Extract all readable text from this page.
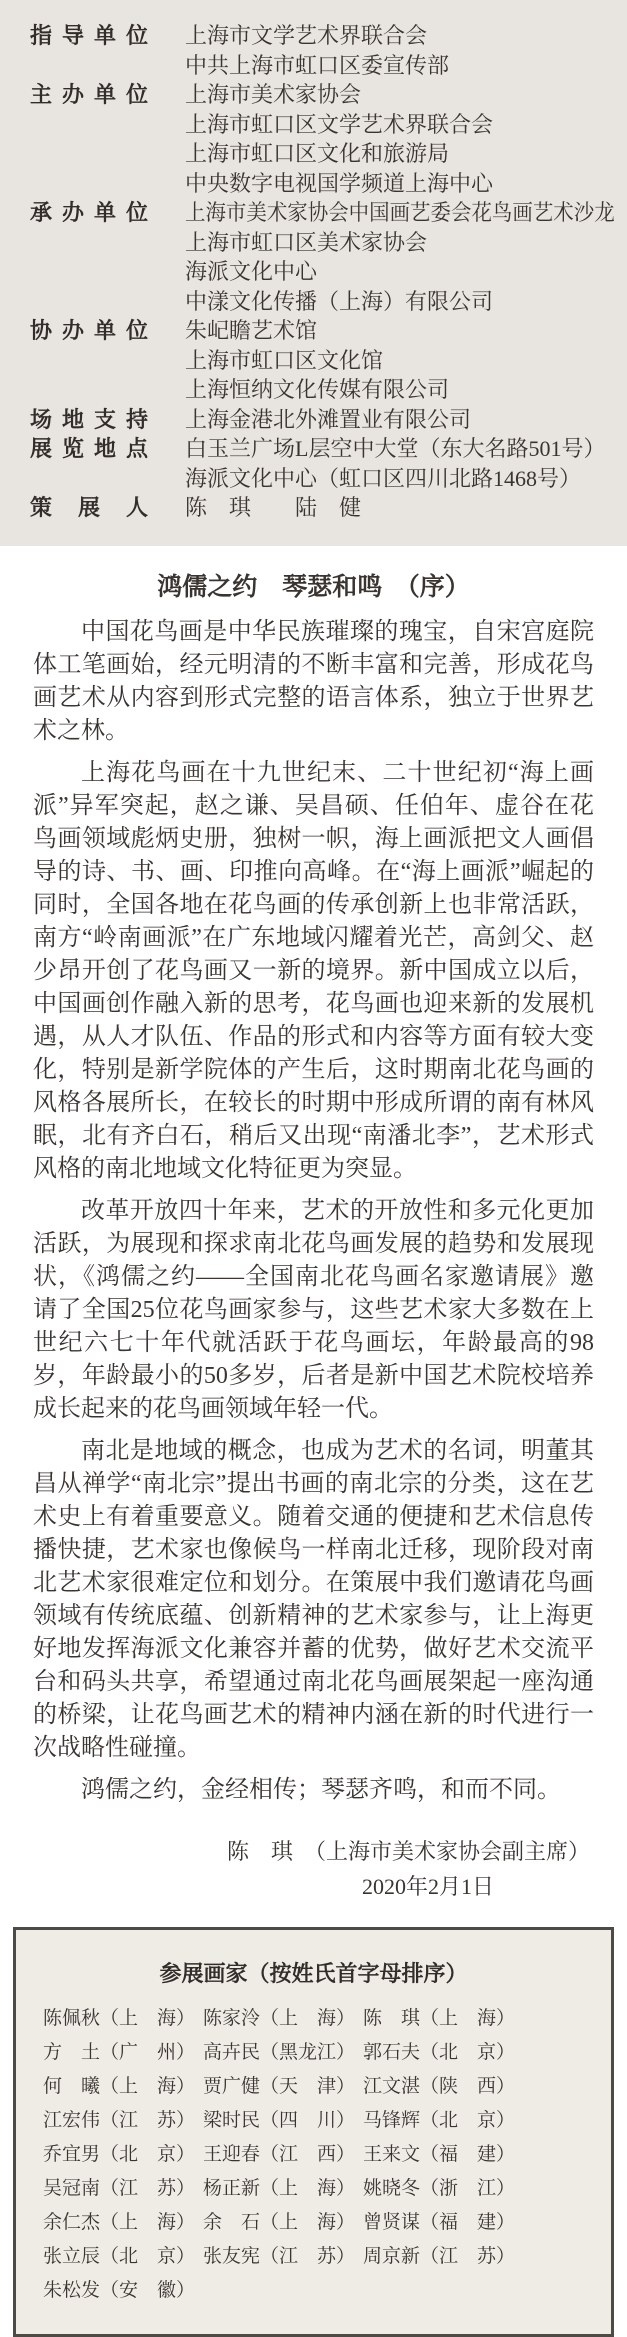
指导单位 上海市文学艺术界联合会
中共上海市虹口区委宣传部
主办单位 上海市美术家协会
上海市虹口区文学艺术界联合会
上海市虹口区文化和旅游局
中央数字电视国学频道上海中心
承办单位 上海市美术家协会中国画艺委会花鸟画艺术沙龙
上海市虹口区美术家协会
海派文化中心
中漾文化传播（上海）有限公司
协办单位 朱屺瞻艺术馆
上海市虹口区文化馆
上海恒纳文化传媒有限公司
场地支持 上海金港北外滩置业有限公司
展览地点 白玉兰广场L层空中大堂（东大名路501号）
海派文化中心（虹口区四川北路1468号）
策展人 陈　琪　　陆　健
鸿儒之约　琴瑟和鸣　（序）

中国花鸟画是中华民族璀璨的瑰宝，自宋宫庭院体工笔画始，经元明清的不断丰富和完善，形成花鸟画艺术从内容到形式完整的语言体系，独立于世界艺术之林。

上海花鸟画在十九世纪末、二十世纪初“海上画派”异军突起，赵之谦、吴昌硕、任伯年、虚谷在花鸟画领域彪炳史册，独树一帜，海上画派把文人画倡导的诗、书、画、印推向高峰。在“海上画派”崛起的同时，全国各地在花鸟画的传承创新上也非常活跃，南方“岭南画派”在广东地域闪耀着光芒，高剑父、赵少昂开创了花鸟画又一新的境界。新中国成立以后，中国画创作融入新的思考，花鸟画也迎来新的发展机遇，从人才队伍、作品的形式和内容等方面有较大变化，特别是新学院体的产生后，这时期南北花鸟画的风格各展所长，在较长的时期中形成所谓的南有林风眠，北有齐白石，稍后又出现“南潘北李”，艺术形式风格的南北地域文化特征更为突显。

改革开放四十年来，艺术的开放性和多元化更加活跃，为展现和探求南北花鸟画发展的趋势和发展现状，《鸿儒之约——全国南北花鸟画名家邀请展》邀请了全国25位花鸟画家参与，这些艺术家大多数在上世纪六七十年代就活跃于花鸟画坛，年龄最高的98岁，年龄最小的50多岁，后者是新中国艺术院校培养成长起来的花鸟画领域年轻一代。

南北是地域的概念，也成为艺术的名词，明董其昌从禅学“南北宗”提出书画的南北宗的分类，这在艺术史上有着重要意义。随着交通的便捷和艺术信息传播快捷，艺术家也像候鸟一样南北迁移，现阶段对南北艺术家很难定位和划分。在策展中我们邀请花鸟画领域有传统底蕴、创新精神的艺术家参与，让上海更好地发挥海派文化兼容并蓄的优势，做好艺术交流平台和码头共享，希望通过南北花鸟画展架起一座沟通的桥梁，让花鸟画艺术的精神内涵在新的时代进行一次战略性碰撞。

鸿儒之约，金经相传；琴瑟齐鸣，和而不同。

陈　琪　（上海市美术家协会副主席）
2020年2月1日
参展画家（按姓氏首字母排序）
陈佩秋（上　海） 陈家泠（上　海） 陈　琪（上　海）
方　土（广　州） 高卉民（黑龙江） 郭石夫（北　京）
何　曦（上　海） 贾广健（天　津） 江文湛（陕　西）
江宏伟（江　苏） 梁时民（四　川） 马锋辉（北　京）
乔宜男（北　京） 王迎春（江　西） 王来文（福　建）
吴冠南（江　苏） 杨正新（上　海） 姚晓冬（浙　江）
余仁杰（上　海） 余　石（上　海） 曾贤谋（福　建）
张立辰（北　京） 张友宪（江　苏） 周京新（江　苏）
朱松发（安　徽）
